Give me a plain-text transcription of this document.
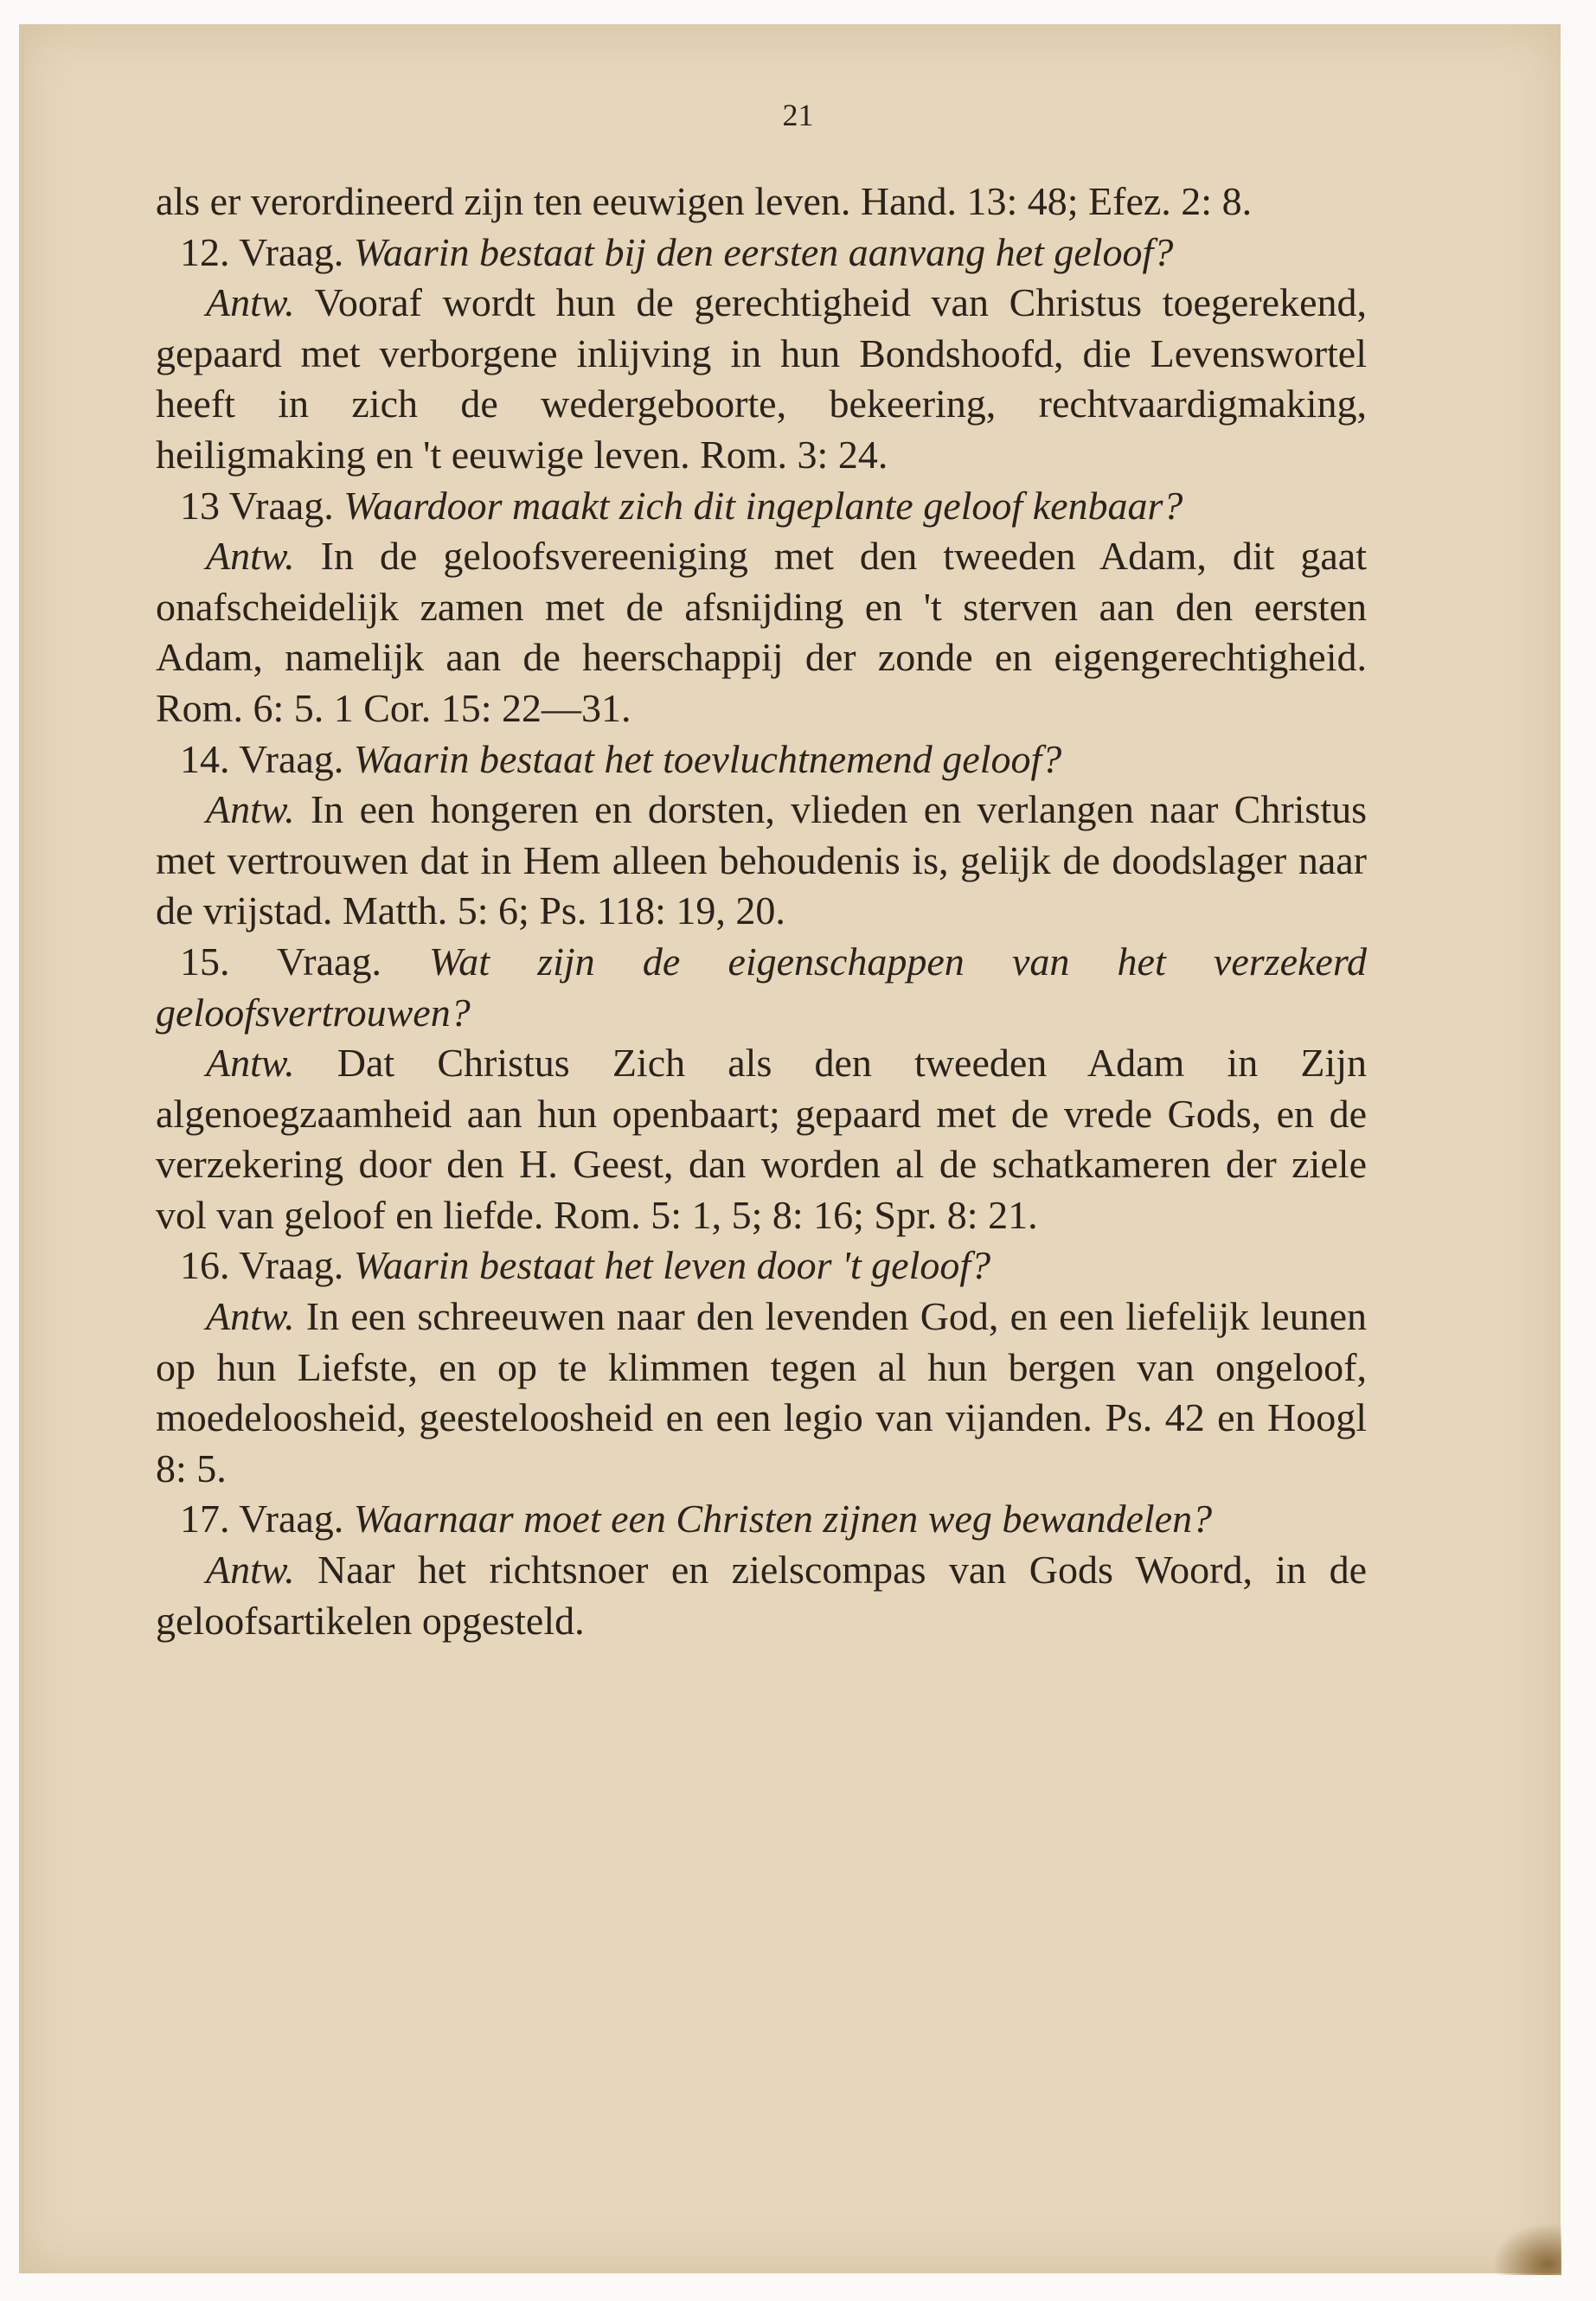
21

als er verordineerd zijn ten eeuwigen leven. Hand. 13: 48; Efez. 2: 8.

12. Vraag. Waarin bestaat bij den eersten aanvang het geloof?

Antw. Vooraf wordt hun de gerechtigheid van Christus toegerekend, gepaard met verborgene inlijving in hun Bondshoofd, die Levenswortel heeft in zich de wedergeboorte, bekeering, rechtvaardigmaking, heiligmaking en 't eeuwige leven. Rom. 3: 24.

13 Vraag. Waardoor maakt zich dit ingeplante geloof kenbaar?

Antw. In de geloofsvereeniging met den tweeden Adam, dit gaat onafscheidelijk zamen met de afsnijding en 't sterven aan den eersten Adam, namelijk aan de heerschappij der zonde en eigengerechtigheid. Rom. 6: 5. 1 Cor. 15: 22—31.

14. Vraag. Waarin bestaat het toevluchtnemend geloof?

Antw. In een hongeren en dorsten, vlieden en verlangen naar Christus met vertrouwen dat in Hem alleen behoudenis is, gelijk de doodslager naar de vrijstad. Matth. 5: 6; Ps. 118: 19, 20.

15. Vraag. Wat zijn de eigenschappen van het verzekerd geloofsvertrouwen?

Antw. Dat Christus Zich als den tweeden Adam in Zijn algenoegzaamheid aan hun openbaart; gepaard met de vrede Gods, en de verzekering door den H. Geest, dan worden al de schatkameren der ziele vol van geloof en liefde. Rom. 5: 1, 5; 8: 16; Spr. 8: 21.

16. Vraag. Waarin bestaat het leven door 't geloof?

Antw. In een schreeuwen naar den levenden God, en een liefelijk leunen op hun Liefste, en op te klimmen tegen al hun bergen van ongeloof, moedeloosheid, geesteloosheid en een legio van vijanden. Ps. 42 en Hoogl 8: 5.

17. Vraag. Waarnaar moet een Christen zijnen weg bewandelen?

Antw. Naar het richtsnoer en zielscompas van Gods Woord, in de geloofsartikelen opgesteld.
